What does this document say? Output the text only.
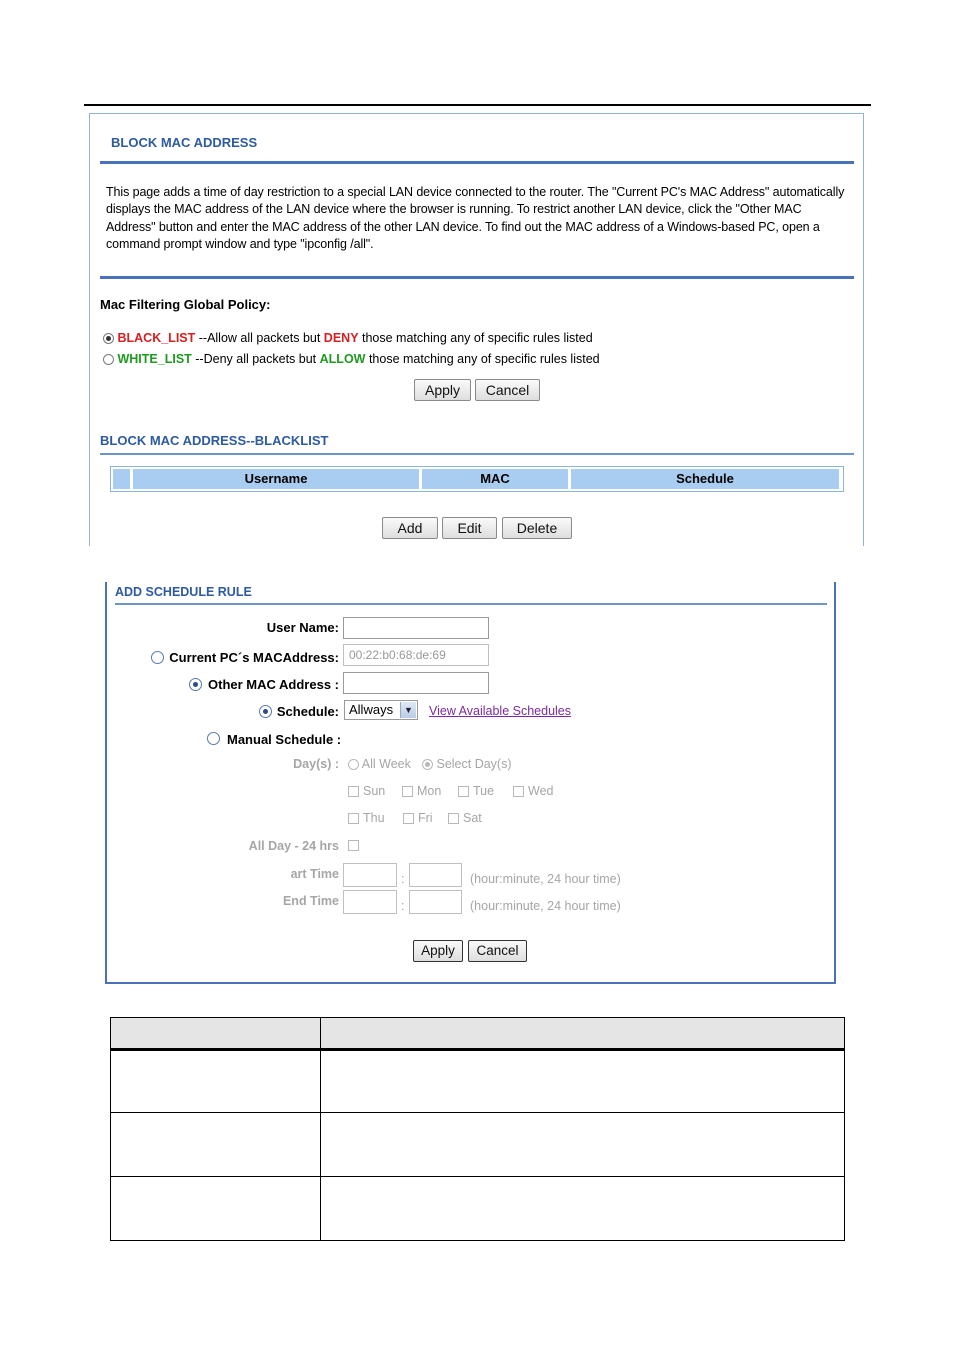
BLOCK MAC ADDRESS
This page adds a time of day restriction to a special LAN device connected to the router. The "Current PC's MAC Address" automatically displays the MAC address of the LAN device where the browser is running. To restrict another LAN device, click the "Other MAC Address" button and enter the MAC address of the other LAN device. To find out the MAC address of a Windows-based PC, open a command prompt window and type "ipconfig /all".
Mac Filtering Global Policy:
BLACK_LIST --Allow all packets but DENY those matching any of specific rules listed
WHITE_LIST --Deny all packets but ALLOW those matching any of specific rules listed
Apply	Cancel
BLOCK MAC ADDRESS--BLACKLIST
Username	MAC	Schedule
Add	Edit	Delete
ADD SCHEDULE RULE
User Name:
Current PC´s MACAddress: 00:22:b0:68:de:69
Other MAC Address :
Schedule: Allways	▼ View Available Schedules
Manual Schedule :
Day(s) :	All Week	Select Day(s)
Sun	Mon	Tue	Wed
Thu	Fri	Sat
All Day - 24 hrs
art Time	:	(hour:minute, 24 hour time)
End Time	:	(hour:minute, 24 hour time)
Apply	Cancel
